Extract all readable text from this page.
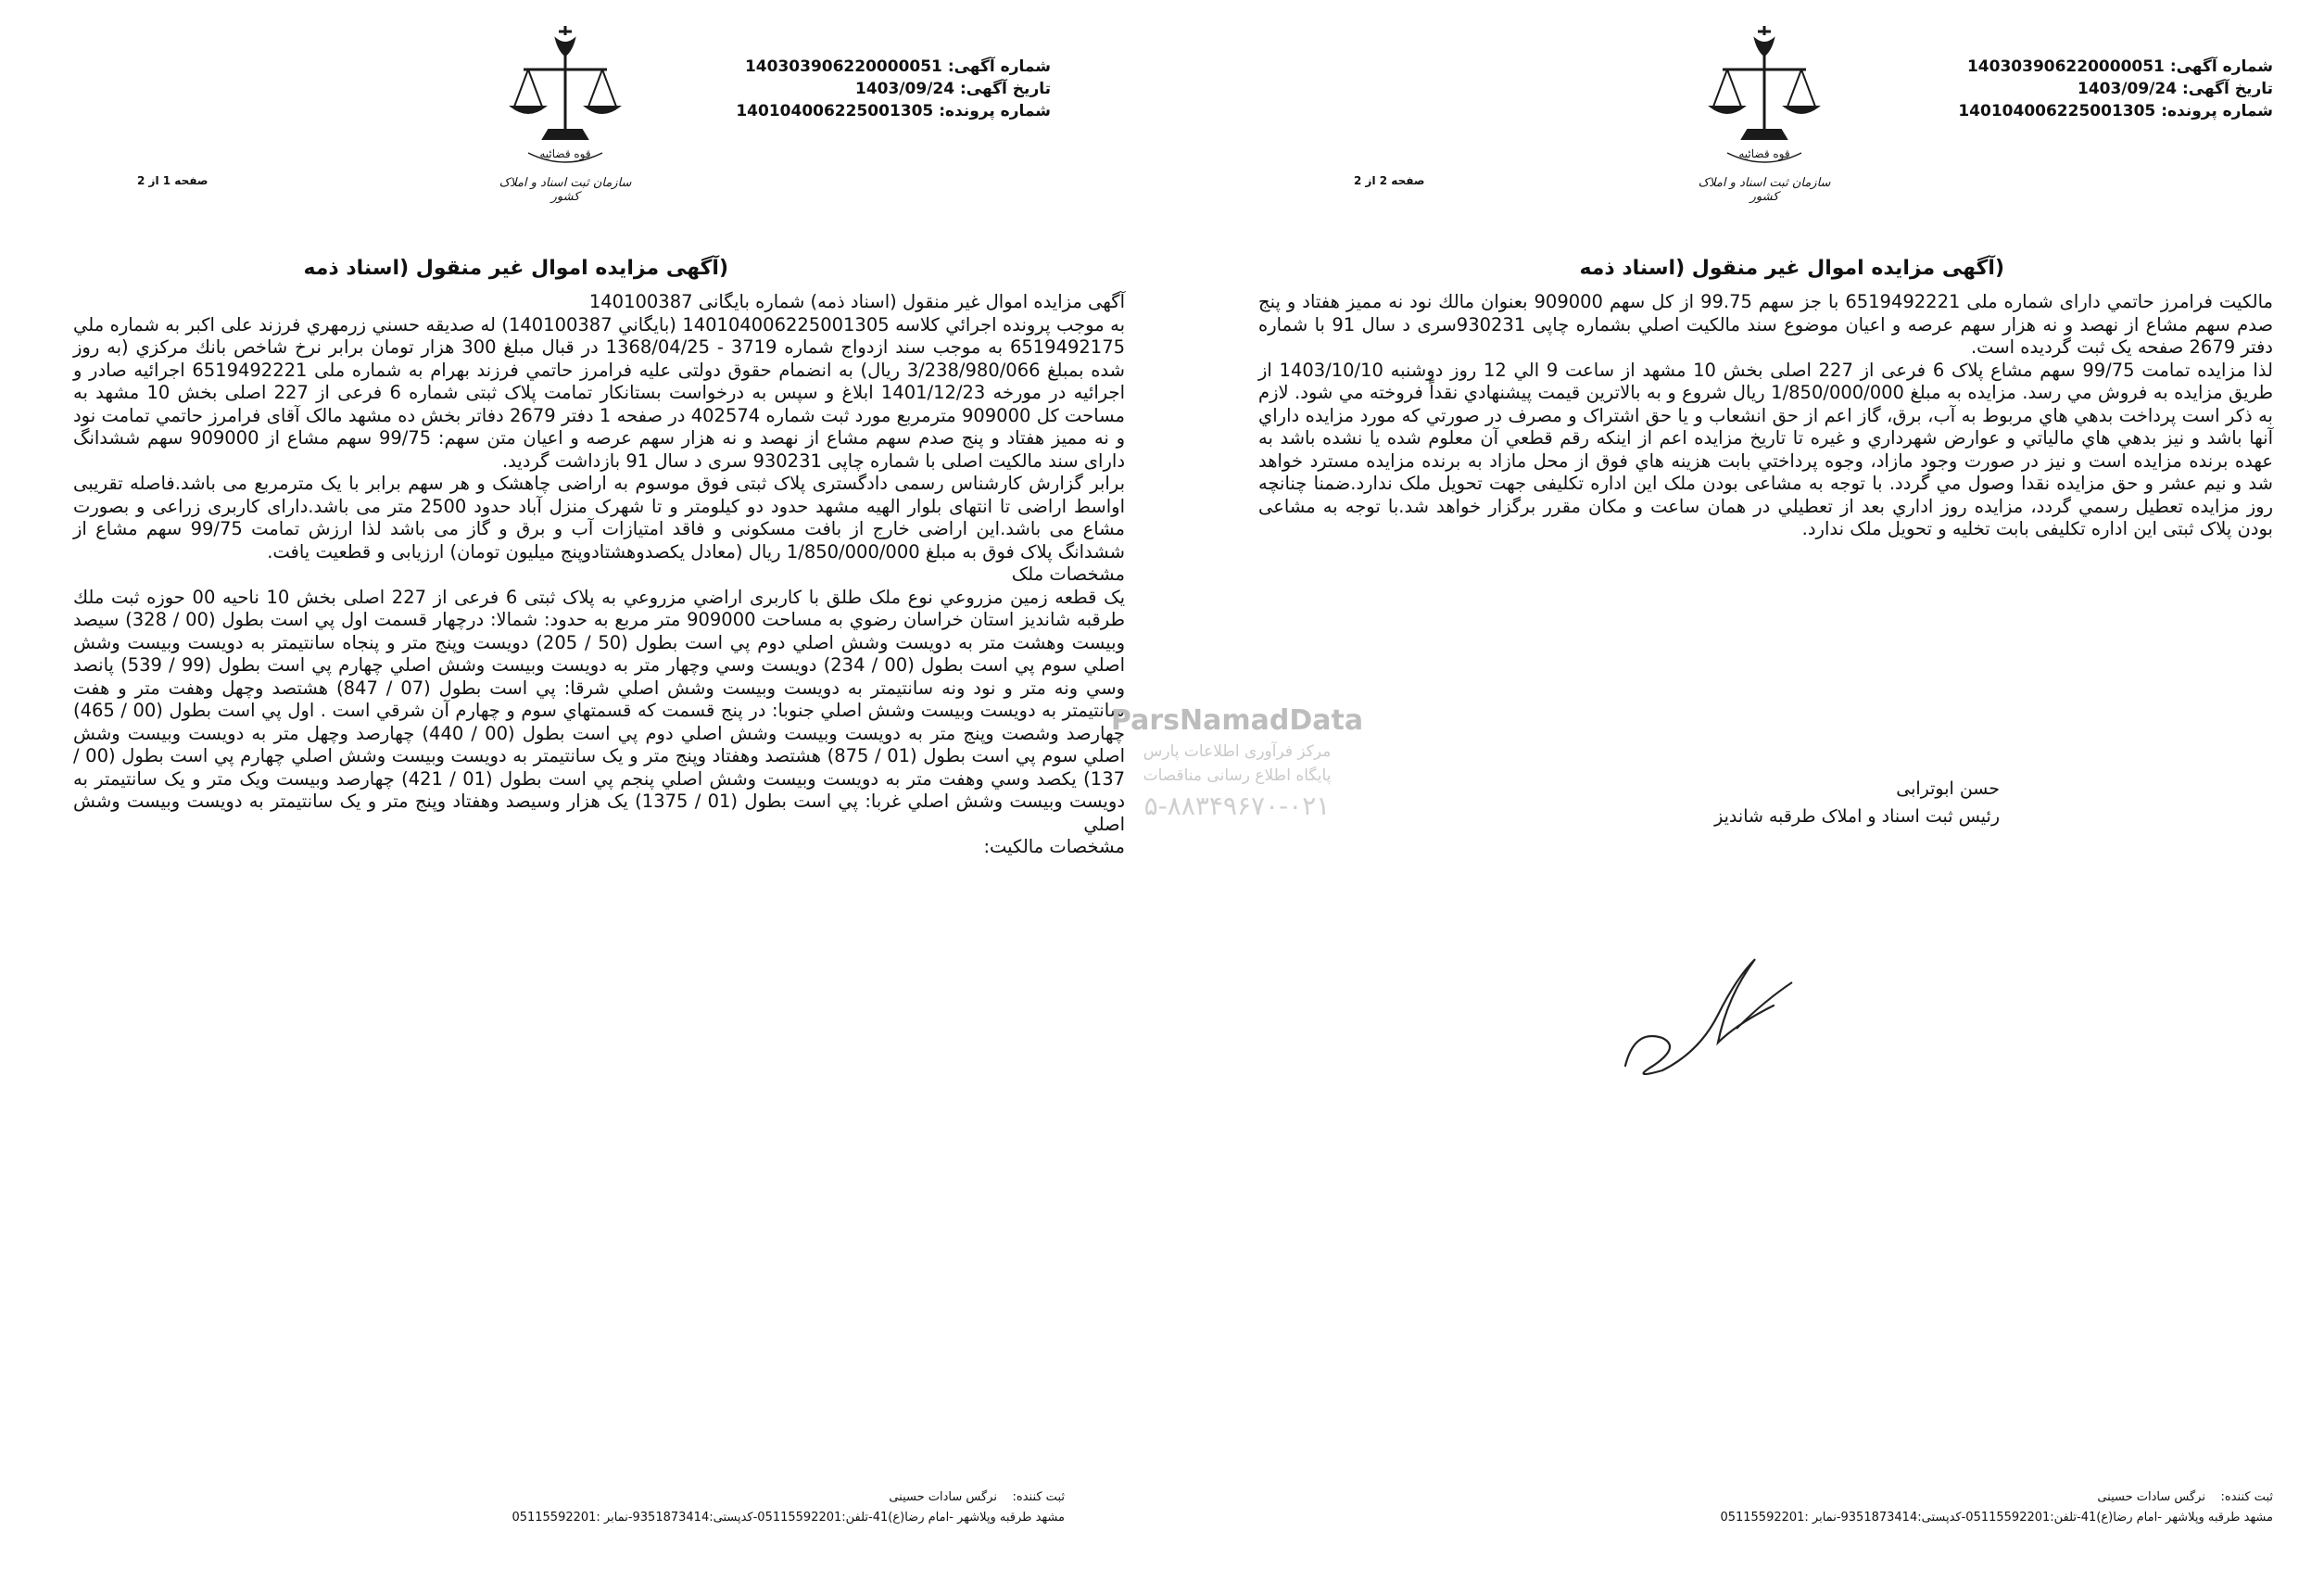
شماره آگهی: 140303906220000051
تاریخ آگهی: 1403/09/24
شماره پرونده: 140104006225001305
قوه قضائیه
سازمان ثبت اسناد و املاک کشور
صفحه 1 از 2
(آگهی مزایده اموال غیر منقول (اسناد ذمه

آگهی مزایده اموال غیر منقول (اسناد ذمه) شماره بایگانی 140100387

به موجب پرونده اجرائي کلاسه 140104006225001305 (بايگاني 140100387) له صديقه حسني زرمهري فرزند علی اکبر به شماره ملي 6519492175 به موجب سند ازدواج شماره 3719 - 1368/04/25 در قبال مبلغ 300 هزار تومان برابر نرخ شاخص بانك مرکزي (به روز شده بمبلغ 3/238/980/066 ریال) به انضمام حقوق دولتی علیه فرامرز حاتمي فرزند بهرام به شماره ملی 6519492221 اجرائیه صادر و اجرائیه در مورخه 1401/12/23 ابلاغ و سپس به درخواست بستانکار تمامت پلاک ثبتی شماره 6 فرعی از 227 اصلی بخش 10 مشهد به مساحت کل 909000 مترمربع مورد ثبت شماره 402574 در صفحه 1 دفتر 2679 دفاتر بخش ده مشهد مالک آقای فرامرز حاتمي تمامت نود و نه مميز هفتاد و پنج صدم سهم مشاع از نهصد و نه هزار سهم عرصه و اعيان متن سهم: 99/75 سهم مشاع از 909000 سهم ششدانگ دارای سند مالکیت اصلی با شماره چاپی 930231 سری د سال 91 بازداشت گردید.

برابر گزارش کارشناس رسمی دادگستری پلاک ثبتی فوق موسوم به اراضی چاهشک و هر سهم برابر با یک مترمربع می باشد.فاصله تقریبی اواسط اراضی تا انتهای بلوار الهیه مشهد حدود دو کیلومتر و تا شهرک منزل آباد حدود 2500 متر می باشد.دارای کاربری زراعی و بصورت مشاع می باشد.این اراضی خارج از بافت مسکونی و فاقد امتیازات آب و برق و گاز می باشد لذا ارزش تمامت 99/75 سهم مشاع از ششدانگ پلاک فوق به مبلغ 1/850/000/000 ریال (معادل یکصدوهشتادوپنج میلیون تومان) ارزیابی و قطعیت یافت.

مشخصات ملک

یک قطعه زمين مزروعي نوع ملک طلق با کاربری اراضي مزروعي به پلاک ثبتی 6 فرعی از 227 اصلی بخش 10 ناحيه 00 حوزه ثبت ملك طرقبه شانديز استان خراسان رضوي به مساحت 909000 متر مربع به حدود: شمالا: درچهار قسمت اول پي است بطول (00 / 328) سيصد وبيست وهشت متر به دويست وشش اصلي دوم پي است بطول (50 / 205) دويست وپنج متر و پنجاه سانتيمتر به دويست وبيست وشش اصلي سوم پي است بطول (00 / 234) دويست وسي وچهار متر به دويست وبيست وشش اصلي چهارم پي است بطول (99 / 539) پانصد وسي ونه متر و نود ونه سانتيمتر به دويست وبيست وشش اصلي شرقا: پي است بطول (07 / 847) هشتصد وچهل وهفت متر و هفت سانتيمتر به دويست وبيست وشش اصلي جنوبا: در پنج قسمت كه قسمتهاي سوم و چهارم آن شرقي است . اول پي است بطول (00 / 465) چهارصد وشصت وپنج متر به دويست وبيست وشش اصلي دوم پي است بطول (00 / 440) چهارصد وچهل متر به دويست وبيست وشش اصلي سوم پي است بطول (01 / 875) هشتصد وهفتاد وپنج متر و يک سانتيمتر به دويست وبيست وشش اصلي چهارم پي است بطول (00 / 137) يکصد وسي وهفت متر به دويست وبيست وشش اصلي پنجم پي است بطول (01 / 421) چهارصد وبيست ويک متر و يک سانتيمتر به دويست وبيست وشش اصلي غربا: پي است بطول (01 / 1375) يک هزار وسيصد وهفتاد وپنج متر و يک سانتيمتر به دويست وبيست وشش اصلي

مشخصات مالکیت:

ثبت کننده:    نرگس سادات حسینی
مشهد طرقبه وپلاشهر -امام رضا(ع)41-تلفن:05115592201-کدپستی:9351873414-نمابر :05115592201
شماره آگهی: 140303906220000051
تاریخ آگهی: 1403/09/24
شماره پرونده: 140104006225001305
قوه قضائیه
سازمان ثبت اسناد و املاک کشور
صفحه 2 از 2
(آگهی مزایده اموال غیر منقول (اسناد ذمه

مالکیت فرامرز حاتمي دارای شماره ملی 6519492221 با جز سهم 99.75 از کل سهم 909000 بعنوان مالك نود نه مميز هفتاد و پنج صدم سهم مشاع از نهصد و نه هزار سهم عرصه و اعيان موضوع سند مالكيت اصلي بشماره چاپی 930231سری د سال 91 با شماره دفتر 2679 صفحه یک ثبت گردیده است.

لذا مزایده تمامت 99/75 سهم مشاع پلاک 6 فرعی از 227 اصلی بخش 10 مشهد از ساعت 9 الي 12 روز دوشنبه 1403/10/10 از طریق مزایده به فروش مي رسد. مزایده به مبلغ 1/850/000/000 ریال شروع و به بالاترين قيمت پيشنهادي نقداً فروخته مي شود. لازم به ذکر است پرداخت بدهي هاي مربوط به آب، برق، گاز اعم از حق انشعاب و يا حق اشتراک و مصرف در صورتي که مورد مزايده داراي آنها باشد و نيز بدهي هاي مالياتي و عوارض شهرداري و غيره تا تاريخ مزايده اعم از اينکه رقم قطعي آن معلوم شده يا نشده باشد به عهده برنده مزايده است و نيز در صورت وجود مازاد، وجوه پرداختي بابت هزينه هاي فوق از محل مازاد به برنده مزايده مسترد خواهد شد و نيم عشر و حق مزايده نقدا وصول مي گردد. با توجه به مشاعی بودن ملک این اداره تکلیفی جهت تحویل ملک ندارد.ضمنا چنانچه روز مزايده تعطيل رسمي گردد، مزايده روز اداري بعد از تعطيلي در همان ساعت و مکان مقرر برگزار خواهد شد.با توجه به مشاعی بودن پلاک ثبتی این اداره تکلیفی بابت تخلیه و تحویل ملک ندارد.

حسن ابوترابی
رئیس ثبت اسناد و املاک طرقبه شاندیز
ثبت کننده:    نرگس سادات حسینی
مشهد طرقبه وپلاشهر -امام رضا(ع)41-تلفن:05115592201-کدپستی:9351873414-نمابر :05115592201
ParsNamadData
مرکز فرآوری اطلاعات پارس
پایگاه اطلاع رسانی مناقصات
۵-۸۸۳۴۹۶۷۰-۰۲۱
